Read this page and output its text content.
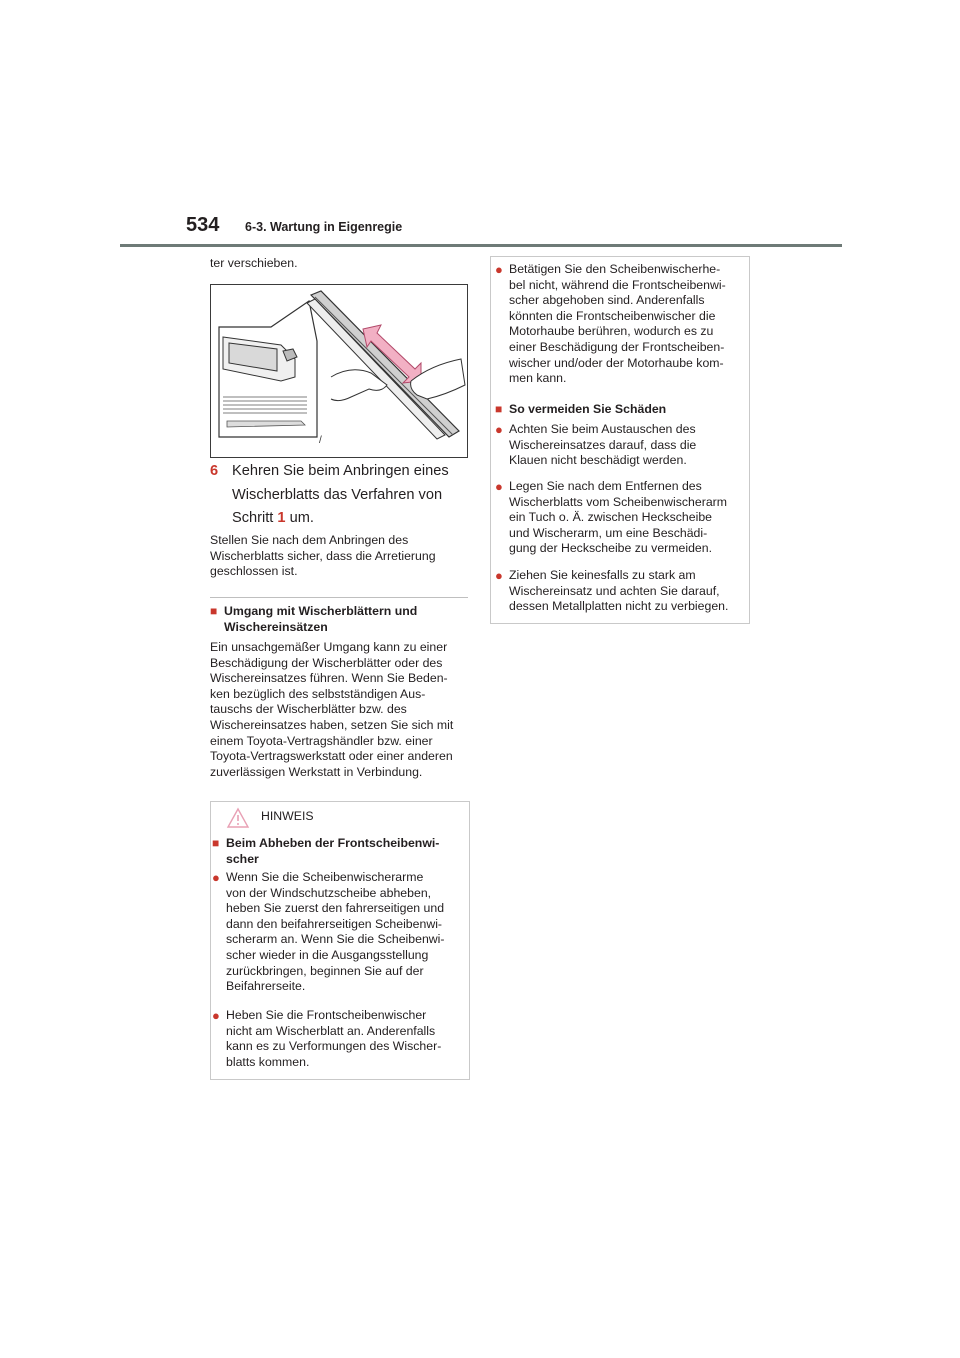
534 6-3. Wartung in Eigenregie
ter verschieben.
/
6 Kehren Sie beim Anbringen eines
Wischerblatts das Verfahren von
Schritt 1 um.
Stellen Sie nach dem Anbringen des
Wischerblatts sicher, dass die Arretierung
geschlossen ist.
■ Umgang mit Wischerblättern und
Wischereinsätzen
Ein unsachgemäßer Umgang kann zu einer
Beschädigung der Wischerblätter oder des
Wischereinsatzes führen. Wenn Sie Beden-
ken bezüglich des selbstständigen Aus-
tauschs der Wischerblätter bzw. des
Wischereinsatzes haben, setzen Sie sich mit
einem Toyota-Vertragshändler bzw. einer
Toyota-Vertragswerkstatt oder einer anderen
zuverlässigen Werkstatt in Verbindung.
HINWEIS
■ Beim Abheben der Frontscheibenwi-
scher
● Wenn Sie die Scheibenwischerarme
von der Windschutzscheibe abheben,
heben Sie zuerst den fahrerseitigen und
dann den beifahrerseitigen Scheibenwi-
scherarm an. Wenn Sie die Scheibenwi-
scher wieder in die Ausgangsstellung
zurückbringen, beginnen Sie auf der
Beifahrerseite.
● Heben Sie die Frontscheibenwischer
nicht am Wischerblatt an. Anderenfalls
kann es zu Verformungen des Wischer-
blatts kommen.
● Betätigen Sie den Scheibenwischerhe-
bel nicht, während die Frontscheibenwi-
scher abgehoben sind. Anderenfalls
könnten die Frontscheibenwischer die
Motorhaube berühren, wodurch es zu
einer Beschädigung der Frontscheiben-
wischer und/oder der Motorhaube kom-
men kann.
■ So vermeiden Sie Schäden
● Achten Sie beim Austauschen des
Wischereinsatzes darauf, dass die
Klauen nicht beschädigt werden.
● Legen Sie nach dem Entfernen des
Wischerblatts vom Scheibenwischerarm
ein Tuch o. Ä. zwischen Heckscheibe
und Wischerarm, um eine Beschädi-
gung der Heckscheibe zu vermeiden.
● Ziehen Sie keinesfalls zu stark am
Wischereinsatz und achten Sie darauf,
dessen Metallplatten nicht zu verbiegen.
